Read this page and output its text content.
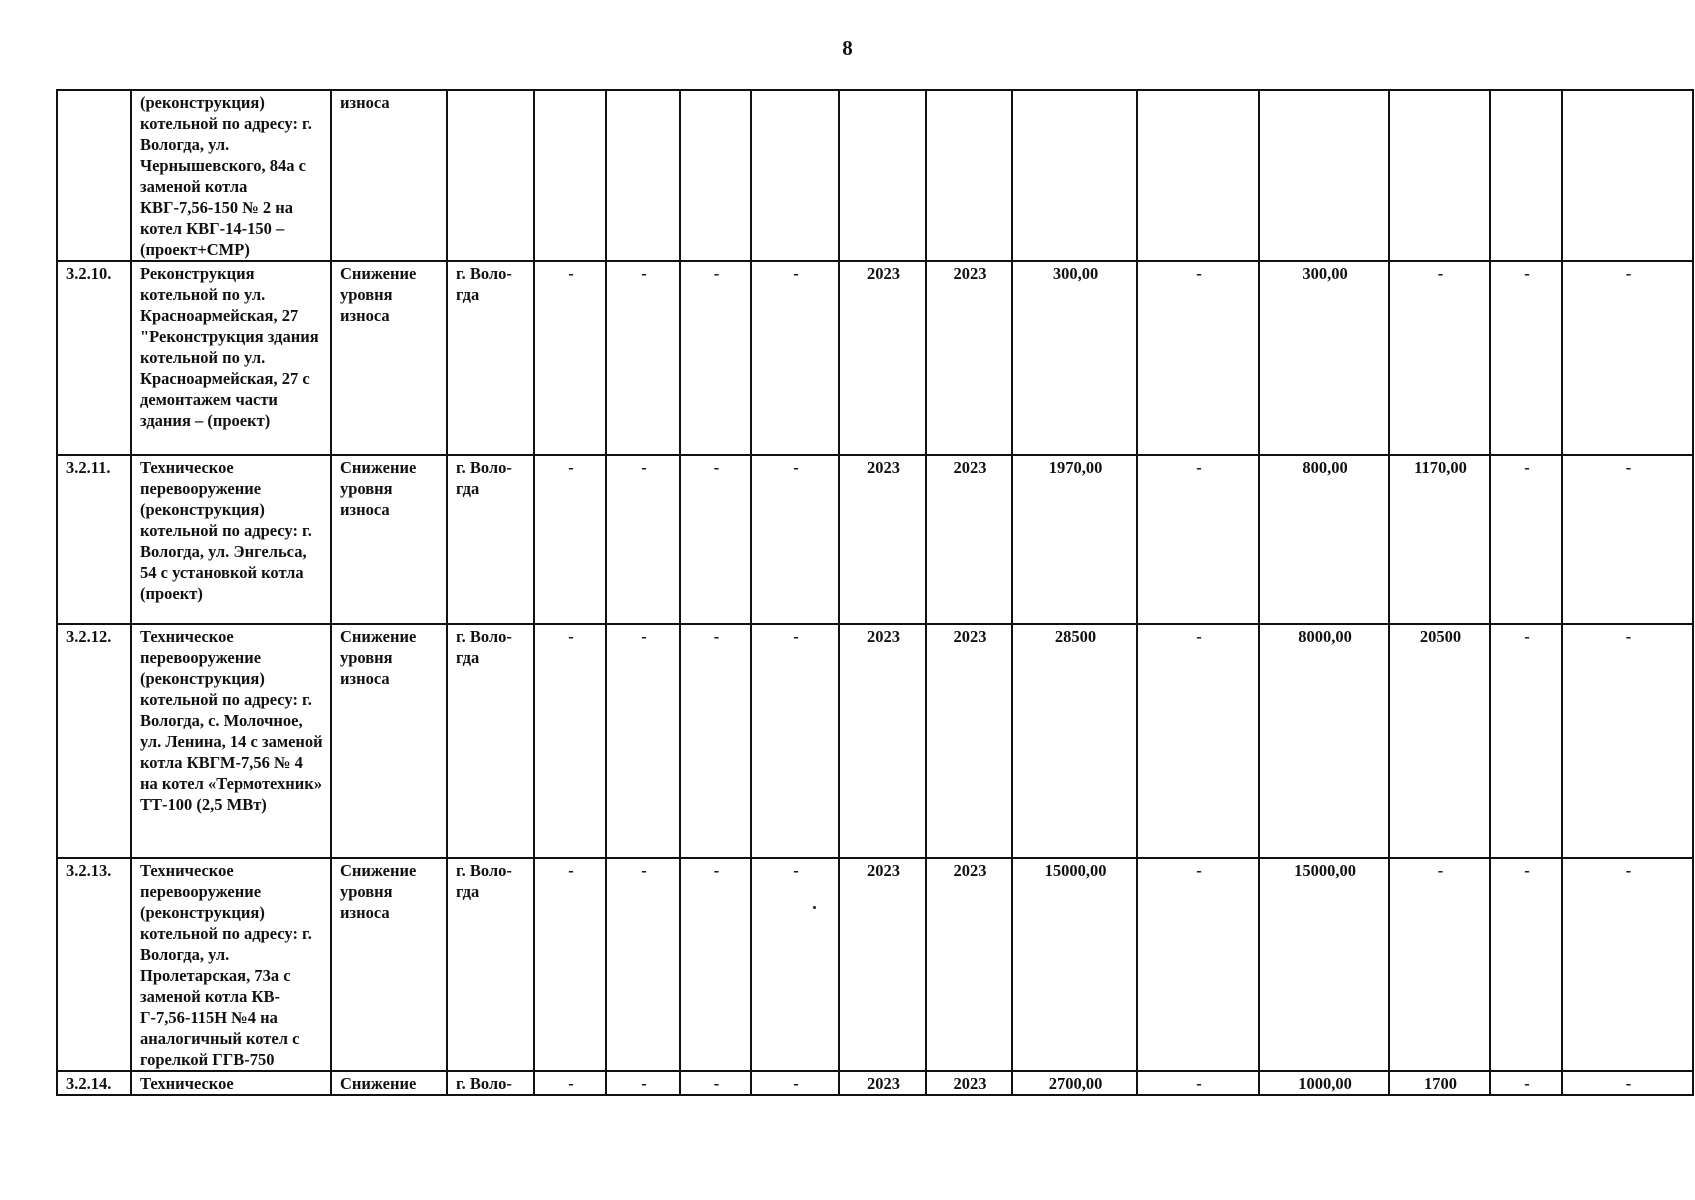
8
	(реконструкция) котельной по адресу: г. Вологда, ул. Чернышевского, 84а с заменой котла КВГ-7,56-150 № 2 на котел КВГ-14-150 – (проект+СМР)	износа													
3.2.10.	Реконструкция котельной по ул. Красноармейская, 27 "Реконструкция здания котельной по ул. Красноармейская, 27 с демонтажем части здания – (проект)	Снижение уровня износа	г. Воло-гда	-	-	-	-	2023	2023	300,00	-	300,00	-	-	-
3.2.11.	Техническое перевооружение (реконструкция) котельной по адресу: г. Вологда, ул. Энгельса, 54 с установкой котла (проект)	Снижение уровня износа	г. Воло-гда	-	-	-	-	2023	2023	1970,00	-	800,00	1170,00	-	-
3.2.12.	Техническое перевооружение (реконструкция) котельной по адресу: г. Вологда, с. Молочное, ул. Ленина, 14 с заменой котла КВГМ-7,56 № 4 на котел «Термотехник» ТТ-100 (2,5 МВт)	Снижение уровня износа	г. Воло-гда	-	-	-	-	2023	2023	28500	-	8000,00	20500	-	-
3.2.13.	Техническое перевооружение (реконструкция) котельной по адресу: г. Вологда, ул. Пролетарская, 73а с заменой котла КВ-Г-7,56-115Н №4 на аналогичный котел с горелкой ГГВ-750	Снижение уровня износа	г. Воло-гда	-	-	-	-	2023	2023	15000,00	-	15000,00	-	-	-
3.2.14.	Техническое	Снижение	г. Воло-	-	-	-	-	2023	2023	2700,00	-	1000,00	1700	-	-
